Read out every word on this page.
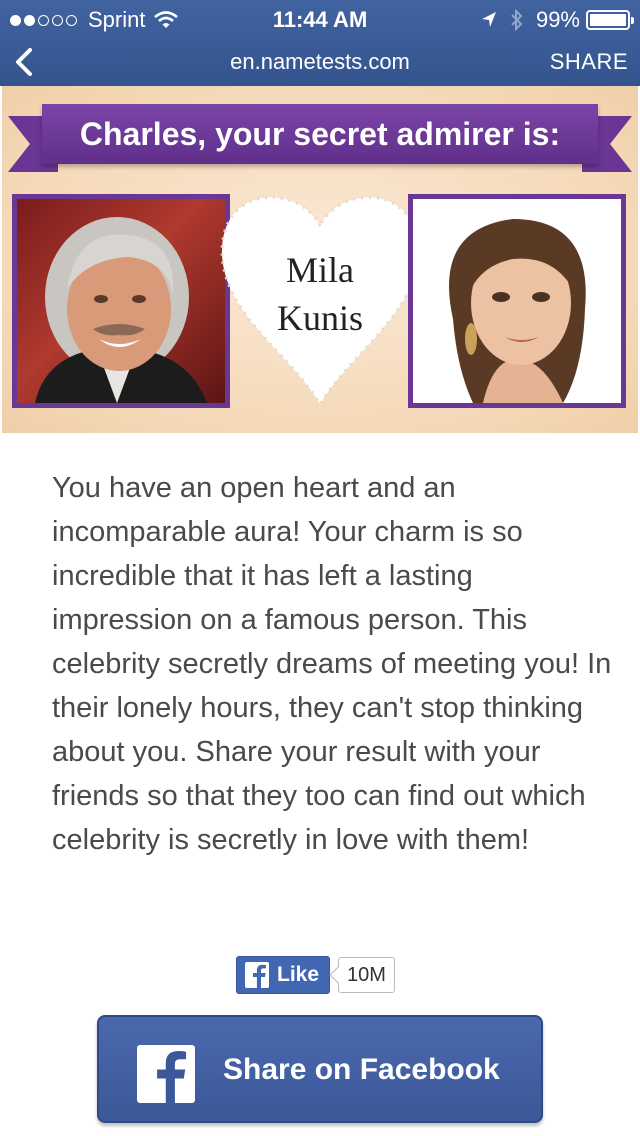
Sprint	11:44 AM	99%
en.nametests.com	SHARE
Charles, your secret admirer is:
Mila
Kunis

You have an open heart and an incomparable aura! Your charm is so incredible that it has left a lasting impression on a famous person. This celebrity secretly dreams of meeting you! In their lonely hours, they can't stop thinking about you. Share your result with your friends so that they too can find out which celebrity is secretly in love with them!

Like	10M
Share on Facebook
